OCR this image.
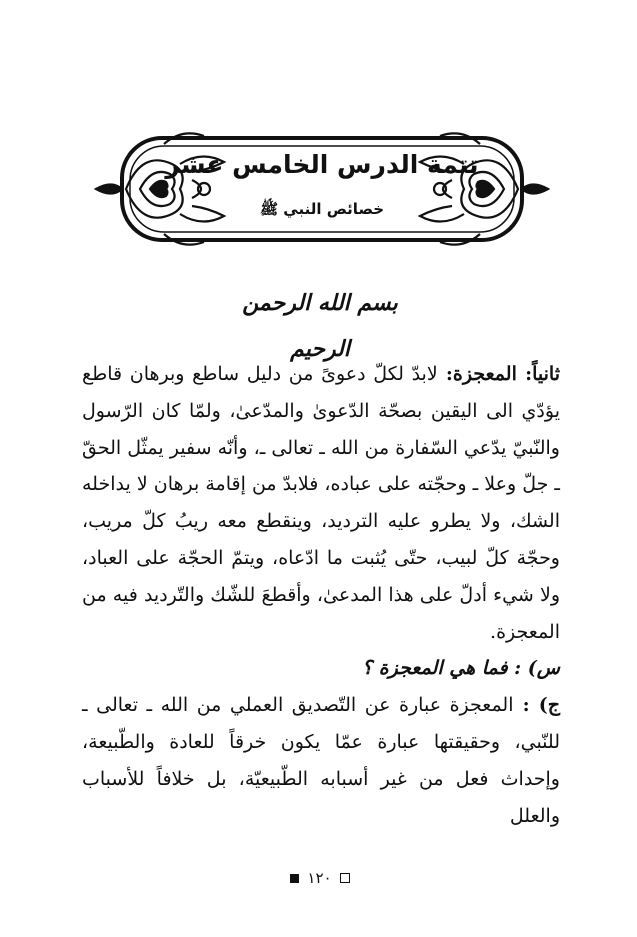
تتمة الدرس الخامس عشر
خصائص النبي ﷺ
بسم الله الرحمن الرحيم

ثانياً: المعجزة: لابدّ لكلّ دعوىً من دليل ساطع وبرهان قاطع يؤدّي الى اليقين بصحّة الدّعوىٰ والمدّعىٰ، ولمّا كان الرّسول والنّبيّ يدّعي السّفارة من الله ـ تعالى ـ، وأنّه سفير يمثّل الحقّ ـ جلّ وعلا ـ وحجّته على عباده، فلابدّ من إقامة برهان لا يداخله الشك، ولا يطرو عليه الترديد، وينقطع معه ريبُ كلّ مريب، وحجّة كلّ لبيب، حتّى يُثبت ما ادّعاه، ويتمّ الحجّة على العباد، ولا شيء أدلّ على هذا المدعىٰ، وأقطعَ للشّك والتّرديد فيه من المعجزة.

س) : فما هي المعجزة ؟

ج) : المعجزة عبارة عن التّصديق العملي من الله ـ تعالى ـ للنّبي، وحقيقتها عبارة عمّا يكون خرقاً للعادة والطّبيعة، وإحداث فعل من غير أسبابه الطّبيعيّة، بل خلافاً للأسباب والعلل

١٢٠
